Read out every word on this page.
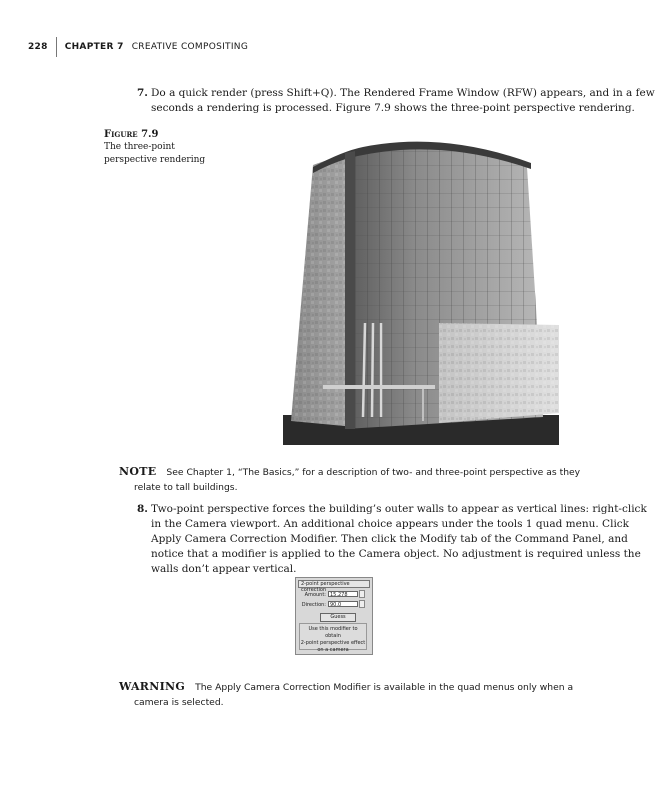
228 CHAPTER 7 CREATIVE COMPOSITING
7. Do a quick render (press Shift+Q). The Rendered Frame Window (RFW) appears, and in a few
seconds a rendering is processed. Figure 7.9 shows the three-point perspective rendering.
Figure 7.9
The three-point
perspective rendering
NOTE See Chapter 1, “The Basics,” for a description of two- and three-point perspective as they
relate to tall buildings.
8. Two-point perspective forces the building’s outer walls to appear as vertical lines: right-click
in the Camera viewport. An additional choice appears under the tools 1 quad menu. Click
Apply Camera Correction Modifier. Then click the Modify tab of the Command Panel, and
notice that a modifier is applied to the Camera object. No adjustment is required unless the
walls don’t appear vertical.
2-point perspective correction
Amount: 15.278
Direction: 90.0
Guess
Use this modifier to obtain
2-point perspective effect
on a camera
WARNING The Apply Camera Correction Modifier is available in the quad menus only when a
camera is selected.
